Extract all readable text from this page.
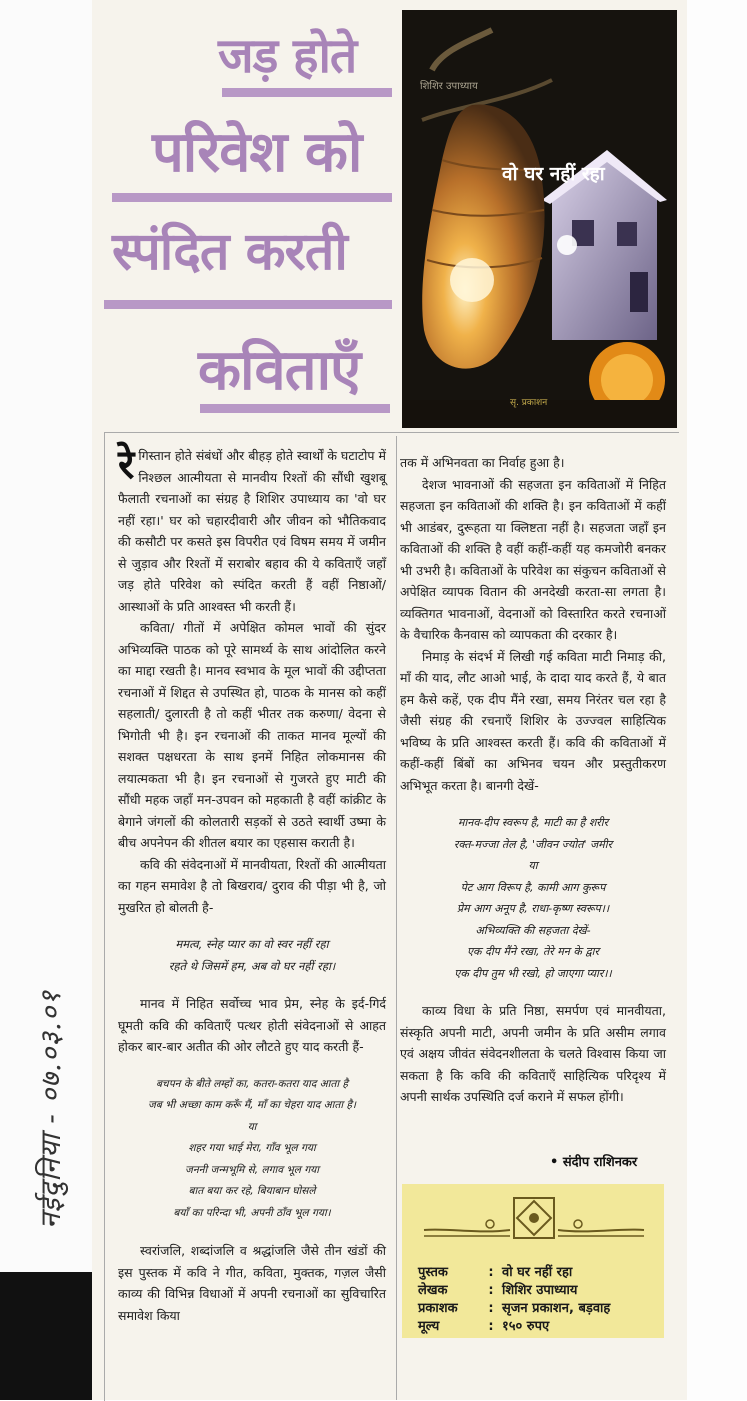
नईदुनिया - ०७.०३.०१
जड़ होते
परिवेश को
स्पंदित करती
कविताएँ
शिशिर उपाध्याय
वो घर नहीं रहा
सृ. प्रकाशन

रेगिस्तान होते संबंधों और बीहड़ होते स्वार्थों के घटाटोप में निश्छल आत्मीयता से मानवीय रिश्तों की सौंधी खुशबू फैलाती रचनाओं का संग्रह है शिशिर उपाध्याय का 'वो घर नहीं रहा।' घर को चहारदीवारी और जीवन को भौतिकवाद की कसौटी पर कसते इस विपरीत एवं विषम समय में जमीन से जुड़ाव और रिश्तों में सराबोर बहाव की ये कविताएँ जहाँ जड़ होते परिवेश को स्पंदित करती हैं वहीं निष्ठाओं/ आस्थाओं के प्रति आश्वस्त भी करती हैं।

कविता/ गीतों में अपेक्षित कोमल भावों की सुंदर अभिव्यक्ति पाठक को पूरे सामर्थ्य के साथ आंदोलित करने का माद्दा रखती है। मानव स्वभाव के मूल भावों की उद्दीप्तता रचनाओं में शिद्दत से उपस्थित हो, पाठक के मानस को कहीं सहलाती/ दुलारती है तो कहीं भीतर तक करुणा/ वेदना से भिगोती भी है। इन रचनाओं की ताकत मानव मूल्यों की सशक्त पक्षधरता के साथ इनमें निहित लोकमानस की लयात्मकता भी है। इन रचनाओं से गुजरते हुए माटी की सौंधी महक जहाँ मन-उपवन को महकाती है वहीं कांक्रीट के बेगाने जंगलों की कोलतारी सड़कों से उठते स्वार्थी उष्मा के बीच अपनेपन की शीतल बयार का एहसास कराती है।

कवि की संवेदनाओं में मानवीयता, रिश्तों की आत्मीयता का गहन समावेश है तो बिखराव/ दुराव की पीड़ा भी है, जो मुखरित हो बोलती है-

ममत्व, स्नेह प्यार का वो स्वर नहीं रहा
रहते थे जिसमें हम, अब वो घर नहीं रहा।

मानव में निहित सर्वोच्च भाव प्रेम, स्नेह के इर्द-गिर्द घूमती कवि की कविताएँ पत्थर होती संवेदनाओं से आहत होकर बार-बार अतीत की ओर लौटते हुए याद करती हैं-

बचपन के बीते लम्हों का, कतरा-कतरा याद आता है
जब भी अच्छा काम करूँ मैं, माँ का चेहरा याद आता है।
या
शहर गया भाई मेरा, गाँव भूल गया
जननी जन्मभूमि से, लगाव भूल गया
बात बया कर रहे, बियाबान घोसले
बयाँ का परिन्दा भी, अपनी ठाँव भूल गया।

स्वरांजलि, शब्दांजलि व श्रद्धांजलि जैसे तीन खंडों की इस पुस्तक में कवि ने गीत, कविता, मुक्तक, गज़ल जैसी काव्य की विभिन्न विधाओं में अपनी रचनाओं का सुविचारित समावेश किया

तक में अभिनवता का निर्वाह हुआ है।

देशज भावनाओं की सहजता इन कविताओं में निहित सहजता इन कविताओं की शक्ति है। इन कविताओं में कहीं भी आडंबर, दुरूहता या क्लिष्टता नहीं है। सहजता जहाँ इन कविताओं की शक्ति है वहीं कहीं-कहीं यह कमजोरी बनकर भी उभरी है। कविताओं के परिवेश का संकुचन कविताओं से अपेक्षित व्यापक वितान की अनदेखी करता-सा लगता है। व्यक्तिगत भावनाओं, वेदनाओं को विस्तारित करते रचनाओं के वैचारिक कैनवास को व्यापकता की दरकार है।

निमाड़ के संदर्भ में लिखी गई कविता माटी निमाड़ की, माँ की याद, लौट आओ भाई, के दादा याद करते हैं, ये बात हम कैसे कहें, एक दीप मैंने रखा, समय निरंतर चल रहा है जैसी संग्रह की रचनाएँ शिशिर के उज्ज्वल साहित्यिक भविष्य के प्रति आश्वस्त करती हैं। कवि की कविताओं में कहीं-कहीं बिंबों का अभिनव चयन और प्रस्तुतीकरण अभिभूत करता है। बानगी देखें-

मानव-दीप स्वरूप है, माटी का है शरीर
रक्त-मज्जा तेल है, 'जीवन ज्योत' जमीर
या
पेट आग विरूप है, कामी आग कुरूप
प्रेम आग अनूप है, राधा-कृष्ण स्वरूप।।
अभिव्यक्ति की सहजता देखें-
एक दीप मैंने रखा, तेरे मन के द्वार
एक दीप तुम भी रखो, हो जाएगा प्यार।।

काव्य विधा के प्रति निष्ठा, समर्पण एवं मानवीयता, संस्कृति अपनी माटी, अपनी जमीन के प्रति असीम लगाव एवं अक्षय जीवंत संवेदनशीलता के चलते विश्वास किया जा सकता है कि कवि की कविताएँ साहित्यिक परिदृश्य में अपनी सार्थक उपस्थिति दर्ज कराने में सफल होंगी।

• संदीप राशिनकर
पुस्तक	: वो घर नहीं रहा
लेखक	: शिशिर उपाध्याय
प्रकाशक : सृजन प्रकाशन, बड़वाह
मूल्य	: १५० रुपए
